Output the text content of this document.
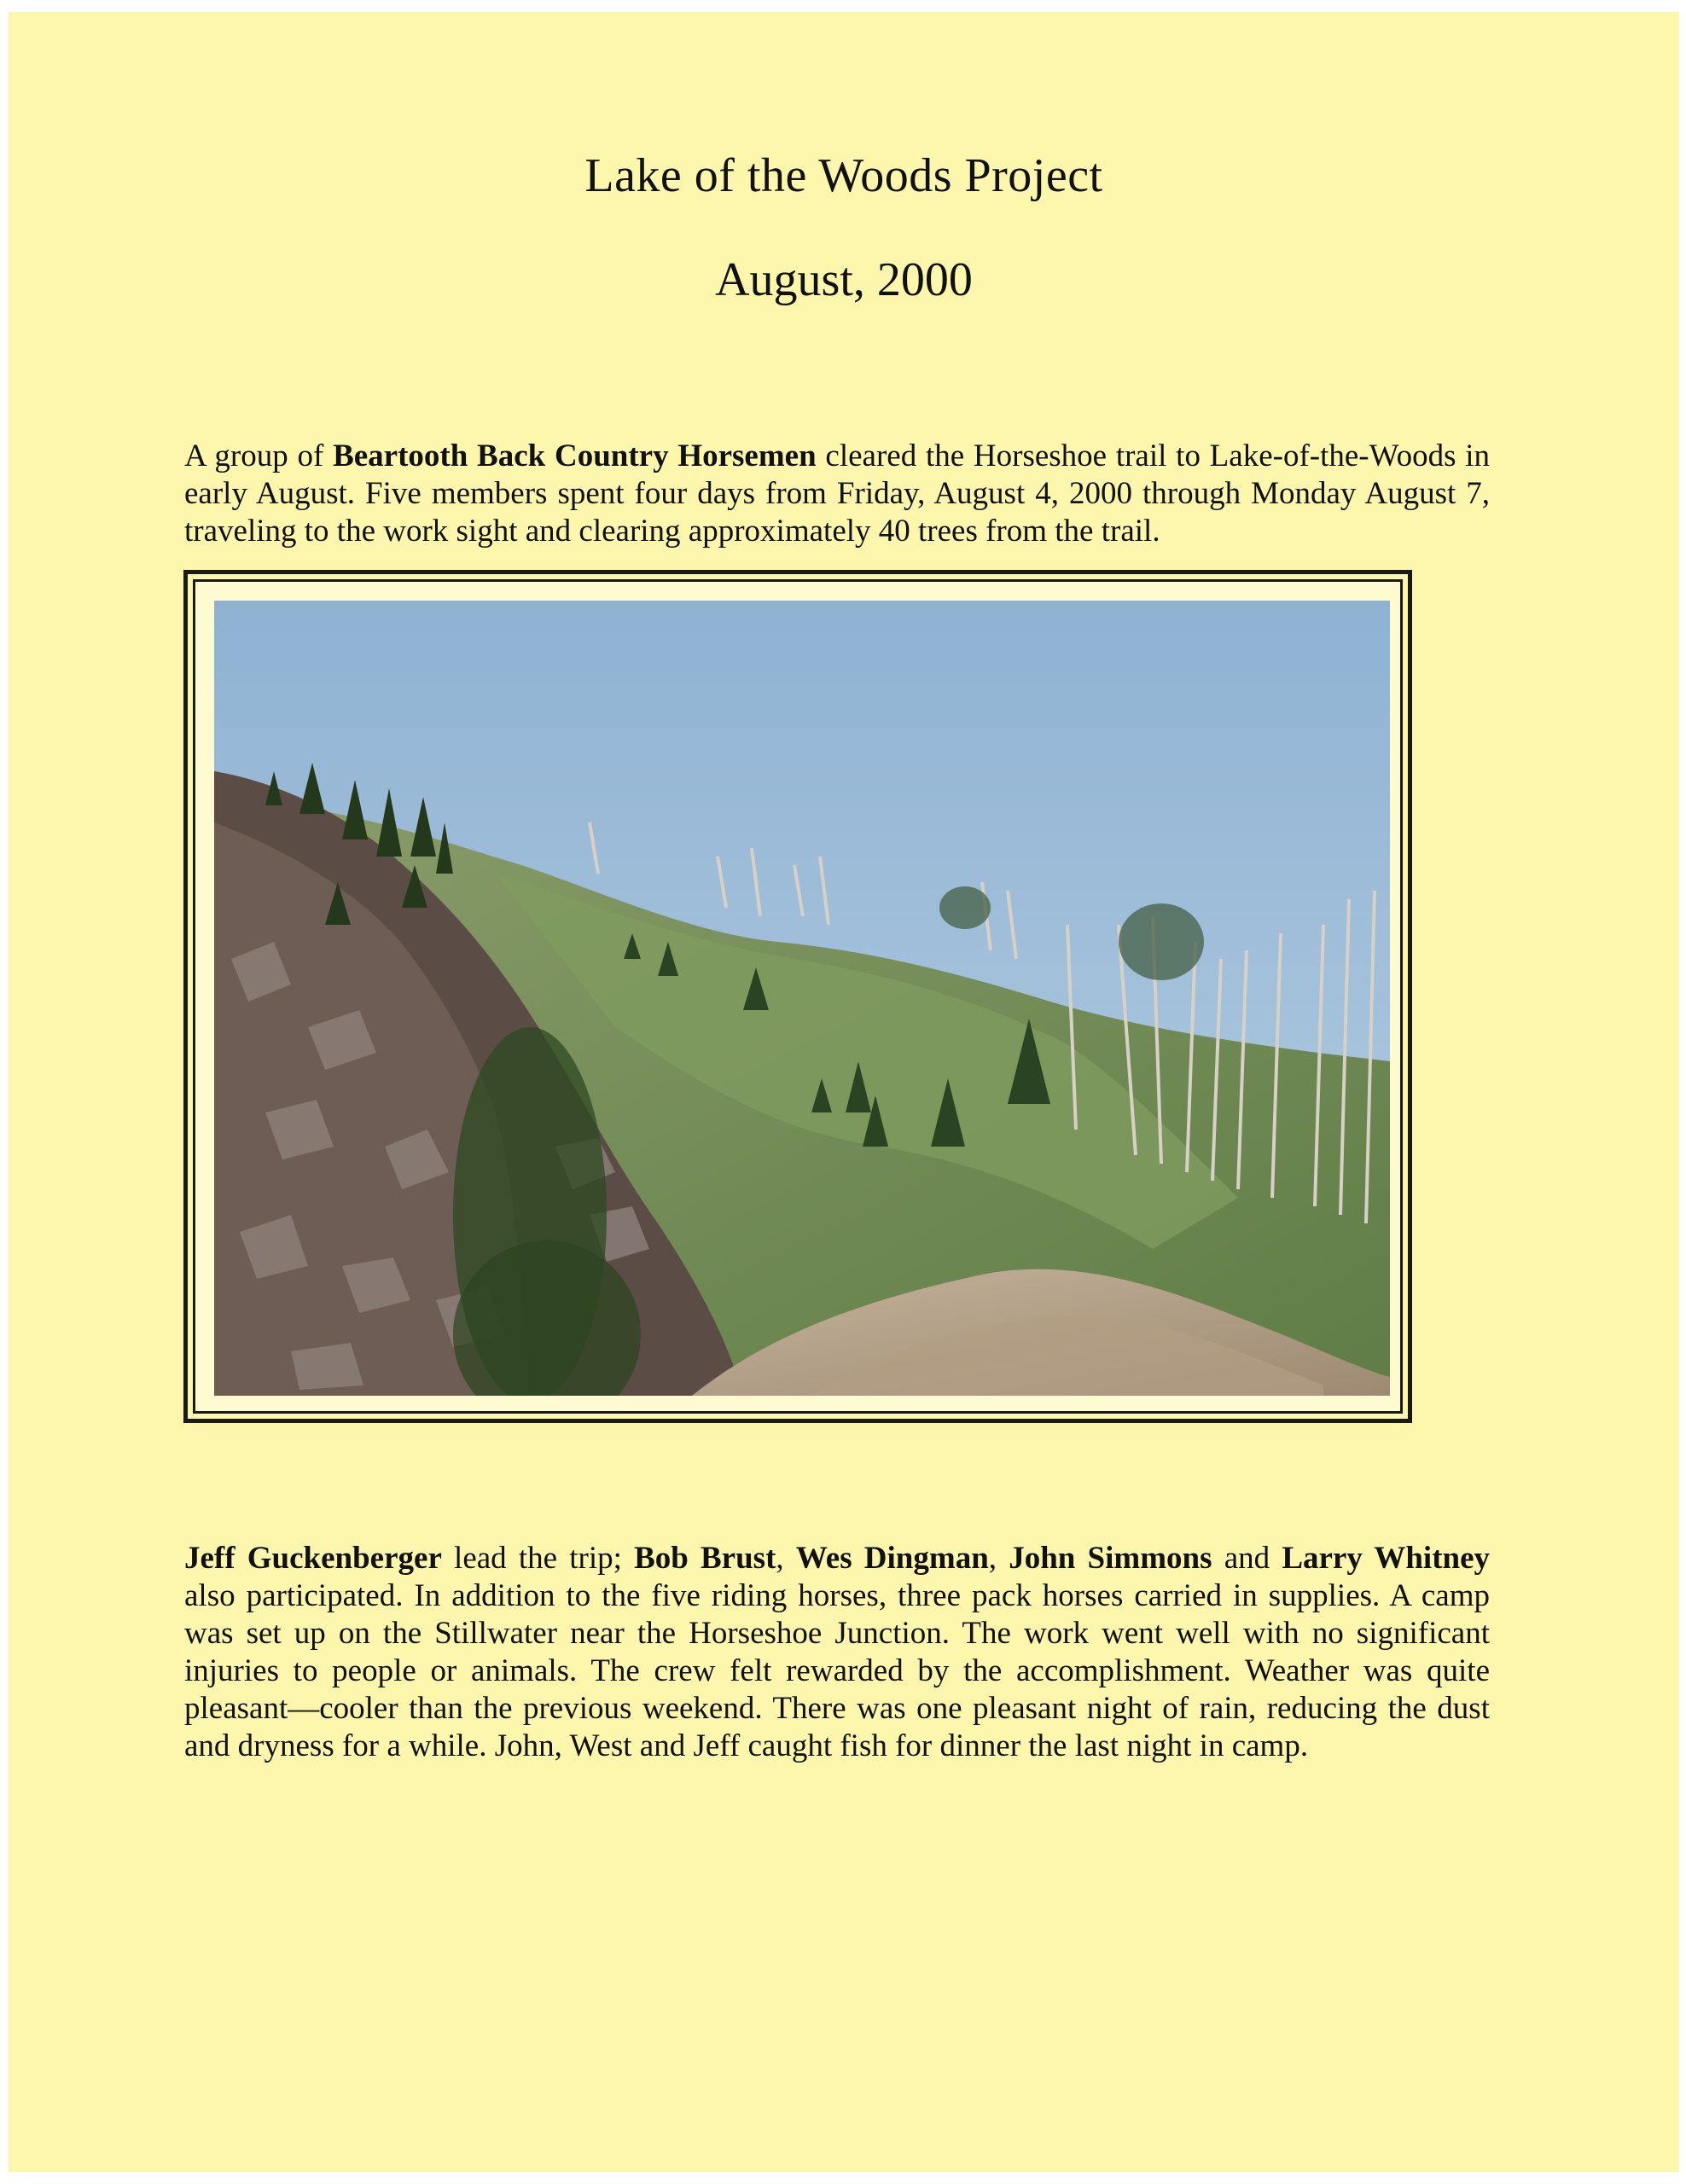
Lake of the Woods Project
August, 2000

A group of Beartooth Back Country Horsemen cleared the Horseshoe trail to Lake-of-the-Woods in early August. Five members spent four days from Friday, August 4, 2000 through Monday August 7, traveling to the work sight and clearing approximately 40 trees from the trail.

Jeff Guckenberger lead the trip; Bob Brust, Wes Dingman, John Simmons and Larry Whitney also participated. In addition to the five riding horses, three pack horses carried in supplies. A camp was set up on the Stillwater near the Horseshoe Junction. The work went well with no significant injuries to people or animals. The crew felt rewarded by the accomplishment. Weather was quite pleasant—cooler than the previous weekend. There was one pleasant night of rain, reducing the dust and dryness for a while. John, West and Jeff caught fish for dinner the last night in camp.
